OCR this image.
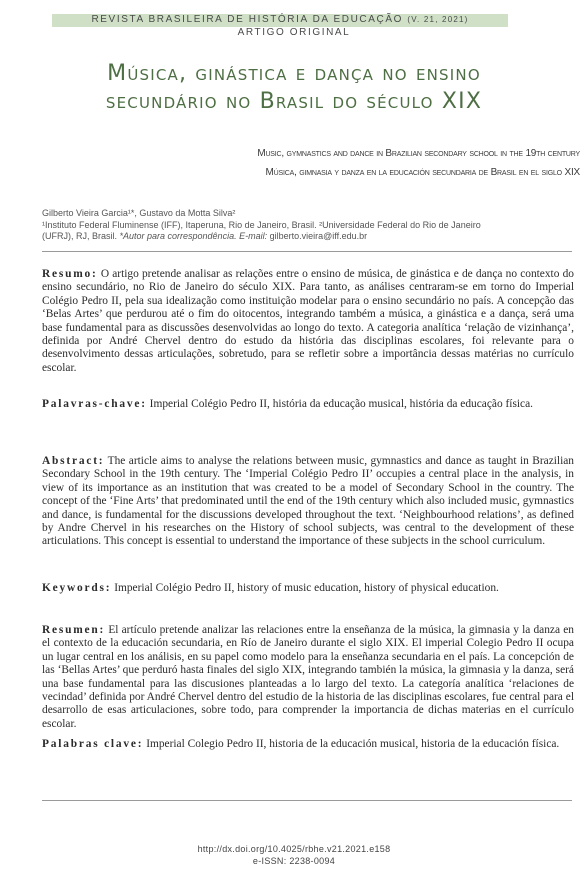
REVISTA BRASILEIRA DE HISTÓRIA DA EDUCAÇÃO (V. 21, 2021)
ARTIGO ORIGINAL
Música, ginástica e dança no ensino
secundário no Brasil do século XIX
Music, gymnastics and dance in Brazilian secondary school in the 19th century
Música, gimnasia y danza en la educación secundaria de Brasil en el siglo XIX
Gilberto Vieira Garcia¹*, Gustavo da Motta Silva²
¹Instituto Federal Fluminense (IFF), Itaperuna, Rio de Janeiro, Brasil. ²Universidade Federal do Rio de Janeiro
(UFRJ), RJ, Brasil. *Autor para correspondência. E-mail: gilberto.vieira@iff.edu.br

Resumo: O artigo pretende analisar as relações entre o ensino de música, de ginástica e de dança no contexto do ensino secundário, no Rio de Janeiro do século XIX. Para tanto, as análises centraram-se em torno do Imperial Colégio Pedro II, pela sua idealização como instituição modelar para o ensino secundário no país. A concepção das ‘Belas Artes’ que perdurou até o fim do oitocentos, integrando também a música, a ginástica e a dança, será uma base fundamental para as discussões desenvolvidas ao longo do texto. A categoria analítica ‘relação de vizinhança’, definida por André Chervel dentro do estudo da história das disciplinas escolares, foi relevante para o desenvolvimento dessas articulações, sobretudo, para se refletir sobre a importância dessas matérias no currículo escolar.

Palavras-chave: Imperial Colégio Pedro II, história da educação musical, história da educação física.

Abstract: The article aims to analyse the relations between music, gymnastics and dance as taught in Brazilian Secondary School in the 19th century. The ‘Imperial Colégio Pedro II’ occupies a central place in the analysis, in view of its importance as an institution that was created to be a model of Secondary School in the country. The concept of the ‘Fine Arts’ that predominated until the end of the 19th century which also included music, gymnastics and dance, is fundamental for the discussions developed throughout the text. ‘Neighbourhood relations’, as defined by Andre Chervel in his researches on the History of school subjects, was central to the development of these articulations. This concept is essential to understand the importance of these subjects in the school curriculum.

Keywords: Imperial Colégio Pedro II, history of music education, history of physical education.

Resumen: El artículo pretende analizar las relaciones entre la enseñanza de la música, la gimnasia y la danza en el contexto de la educación secundaria, en Río de Janeiro durante el siglo XIX. El imperial Colegio Pedro II ocupa un lugar central en los análisis, en su papel como modelo para la enseñanza secundaria en el país. La concepción de las ‘Bellas Artes’ que perduró hasta finales del siglo XIX, integrando también la música, la gimnasia y la danza, será una base fundamental para las discusiones planteadas a lo largo del texto. La categoría analítica ‘relaciones de vecindad’ definida por André Chervel dentro del estudio de la historia de las disciplinas escolares, fue central para el desarrollo de esas articulaciones, sobre todo, para comprender la importancia de dichas materias en el currículo escolar.

Palabras clave: Imperial Colegio Pedro II, historia de la educación musical, historia de la educación física.

http://dx.doi.org/10.4025/rbhe.v21.2021.e158
e-ISSN: 2238-0094
